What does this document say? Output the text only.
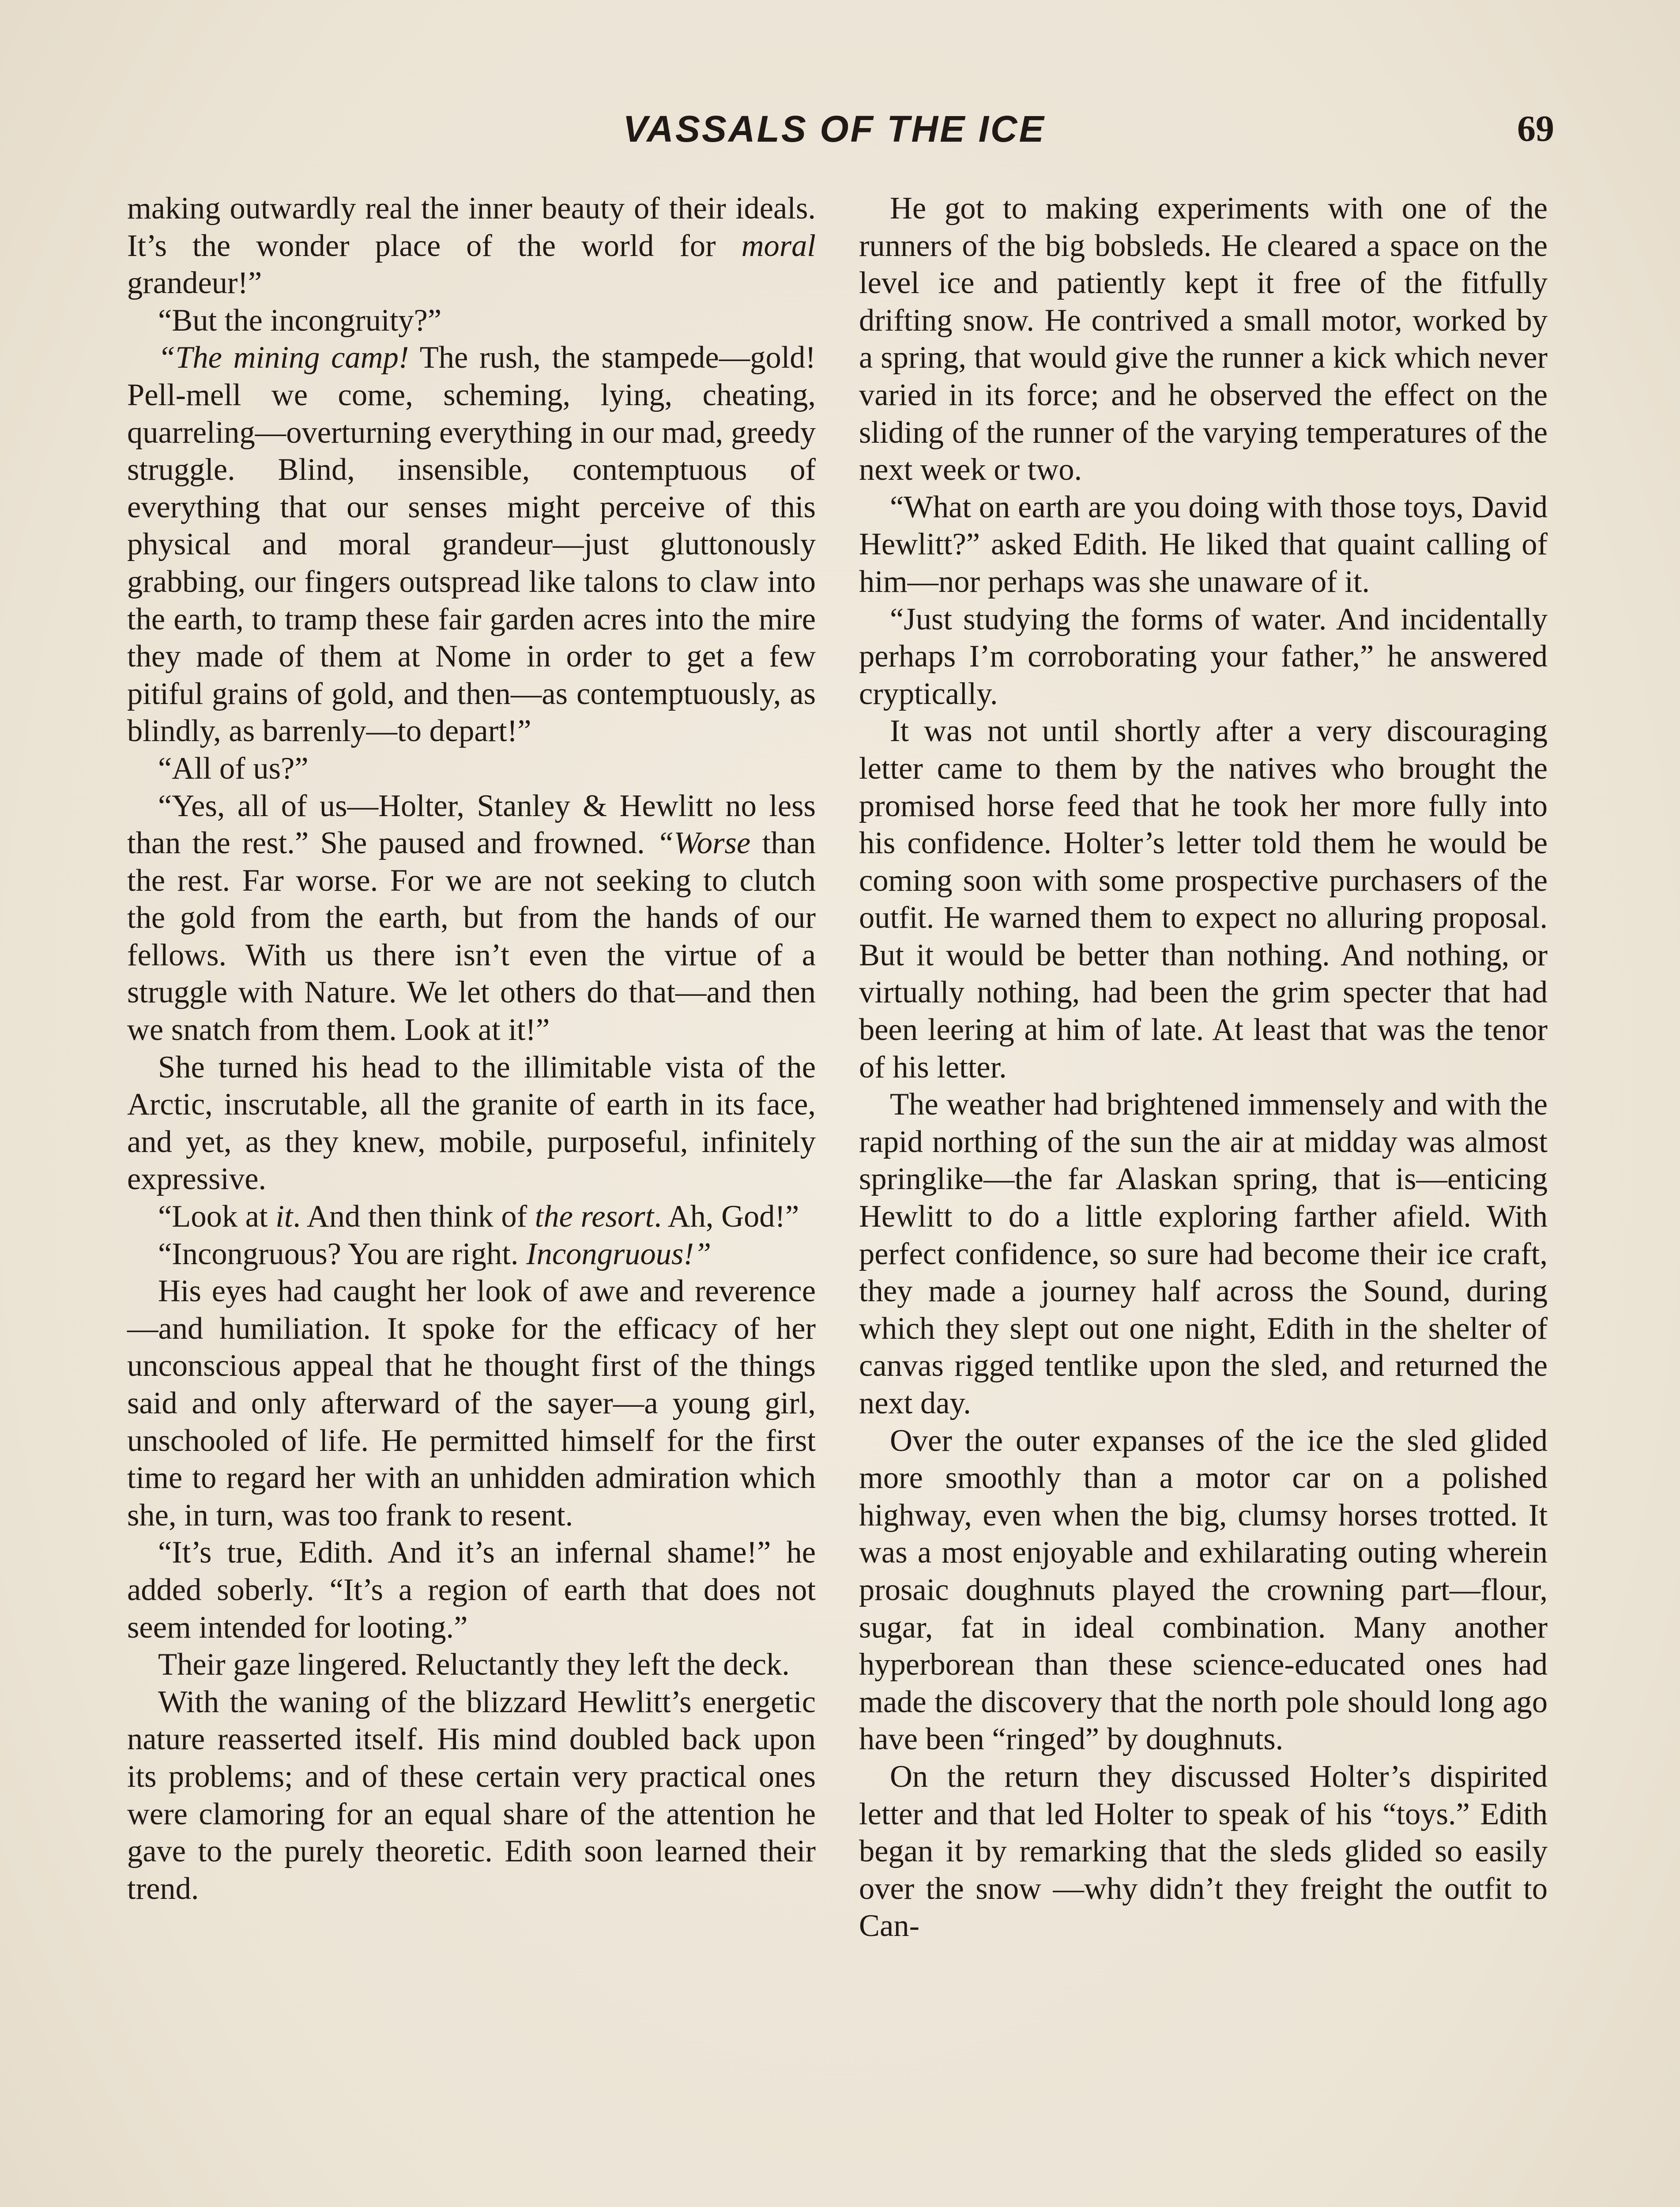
VASSALS OF THE ICE	69

making outwardly real the inner beauty of their ideals. It’s the wonder place of the world for moral grandeur!”

“But the incongruity?”

“The mining camp! The rush, the stampede—gold! Pell-mell we come, scheming, lying, cheating, quarreling—overturning everything in our mad, greedy struggle. Blind, insensible, contemptuous of everything that our senses might perceive of this physical and moral grandeur—just gluttonously grabbing, our fingers outspread like talons to claw into the earth, to tramp these fair garden acres into the mire they made of them at Nome in order to get a few pitiful grains of gold, and then—as contemptuously, as blindly, as barrenly—to depart!”

“All of us?”

“Yes, all of us—Holter, Stanley & Hewlitt no less than the rest.” She paused and frowned. “Worse than the rest. Far worse. For we are not seeking to clutch the gold from the earth, but from the hands of our fellows. With us there isn’t even the virtue of a struggle with Nature. We let others do that—and then we snatch from them. Look at it!”

She turned his head to the illimitable vista of the Arctic, inscrutable, all the granite of earth in its face, and yet, as they knew, mobile, purposeful, infinitely expressive.

“Look at it. And then think of the resort. Ah, God!”

“Incongruous? You are right. Incongruous!”

His eyes had caught her look of awe and reverence—and humiliation. It spoke for the efficacy of her unconscious appeal that he thought first of the things said and only afterward of the sayer—a young girl, unschooled of life. He permitted himself for the first time to regard her with an unhidden admiration which she, in turn, was too frank to resent.

“It’s true, Edith. And it’s an infernal shame!” he added soberly. “It’s a region of earth that does not seem intended for looting.”

Their gaze lingered. Reluctantly they left the deck.

With the waning of the blizzard Hewlitt’s energetic nature reasserted itself. His mind doubled back upon its problems; and of these certain very practical ones were clamoring for an equal share of the attention he gave to the purely theoretic. Edith soon learned their trend.

He got to making experiments with one of the runners of the big bobsleds. He cleared a space on the level ice and patiently kept it free of the fitfully drifting snow. He contrived a small motor, worked by a spring, that would give the runner a kick which never varied in its force; and he observed the effect on the sliding of the runner of the varying temperatures of the next week or two.

“What on earth are you doing with those toys, David Hewlitt?” asked Edith. He liked that quaint calling of him—nor perhaps was she unaware of it.

“Just studying the forms of water. And incidentally perhaps I’m corroborating your father,” he answered cryptically.

It was not until shortly after a very discouraging letter came to them by the natives who brought the promised horse feed that he took her more fully into his confidence. Holter’s letter told them he would be coming soon with some prospective purchasers of the outfit. He warned them to expect no alluring proposal. But it would be better than nothing. And nothing, or virtually nothing, had been the grim specter that had been leering at him of late. At least that was the tenor of his letter.

The weather had brightened immensely and with the rapid northing of the sun the air at midday was almost springlike—the far Alaskan spring, that is—enticing Hewlitt to do a little exploring farther afield. With perfect confidence, so sure had become their ice craft, they made a journey half across the Sound, during which they slept out one night, Edith in the shelter of canvas rigged tentlike upon the sled, and returned the next day.

Over the outer expanses of the ice the sled glided more smoothly than a motor car on a polished highway, even when the big, clumsy horses trotted. It was a most enjoyable and exhilarating outing wherein prosaic doughnuts played the crowning part—flour, sugar, fat in ideal combination. Many another hyperborean than these science-educated ones had made the discovery that the north pole should long ago have been “ringed” by doughnuts.

On the return they discussed Holter’s dispirited letter and that led Holter to speak of his “toys.” Edith began it by remarking that the sleds glided so easily over the snow —why didn’t they freight the outfit to Can-
